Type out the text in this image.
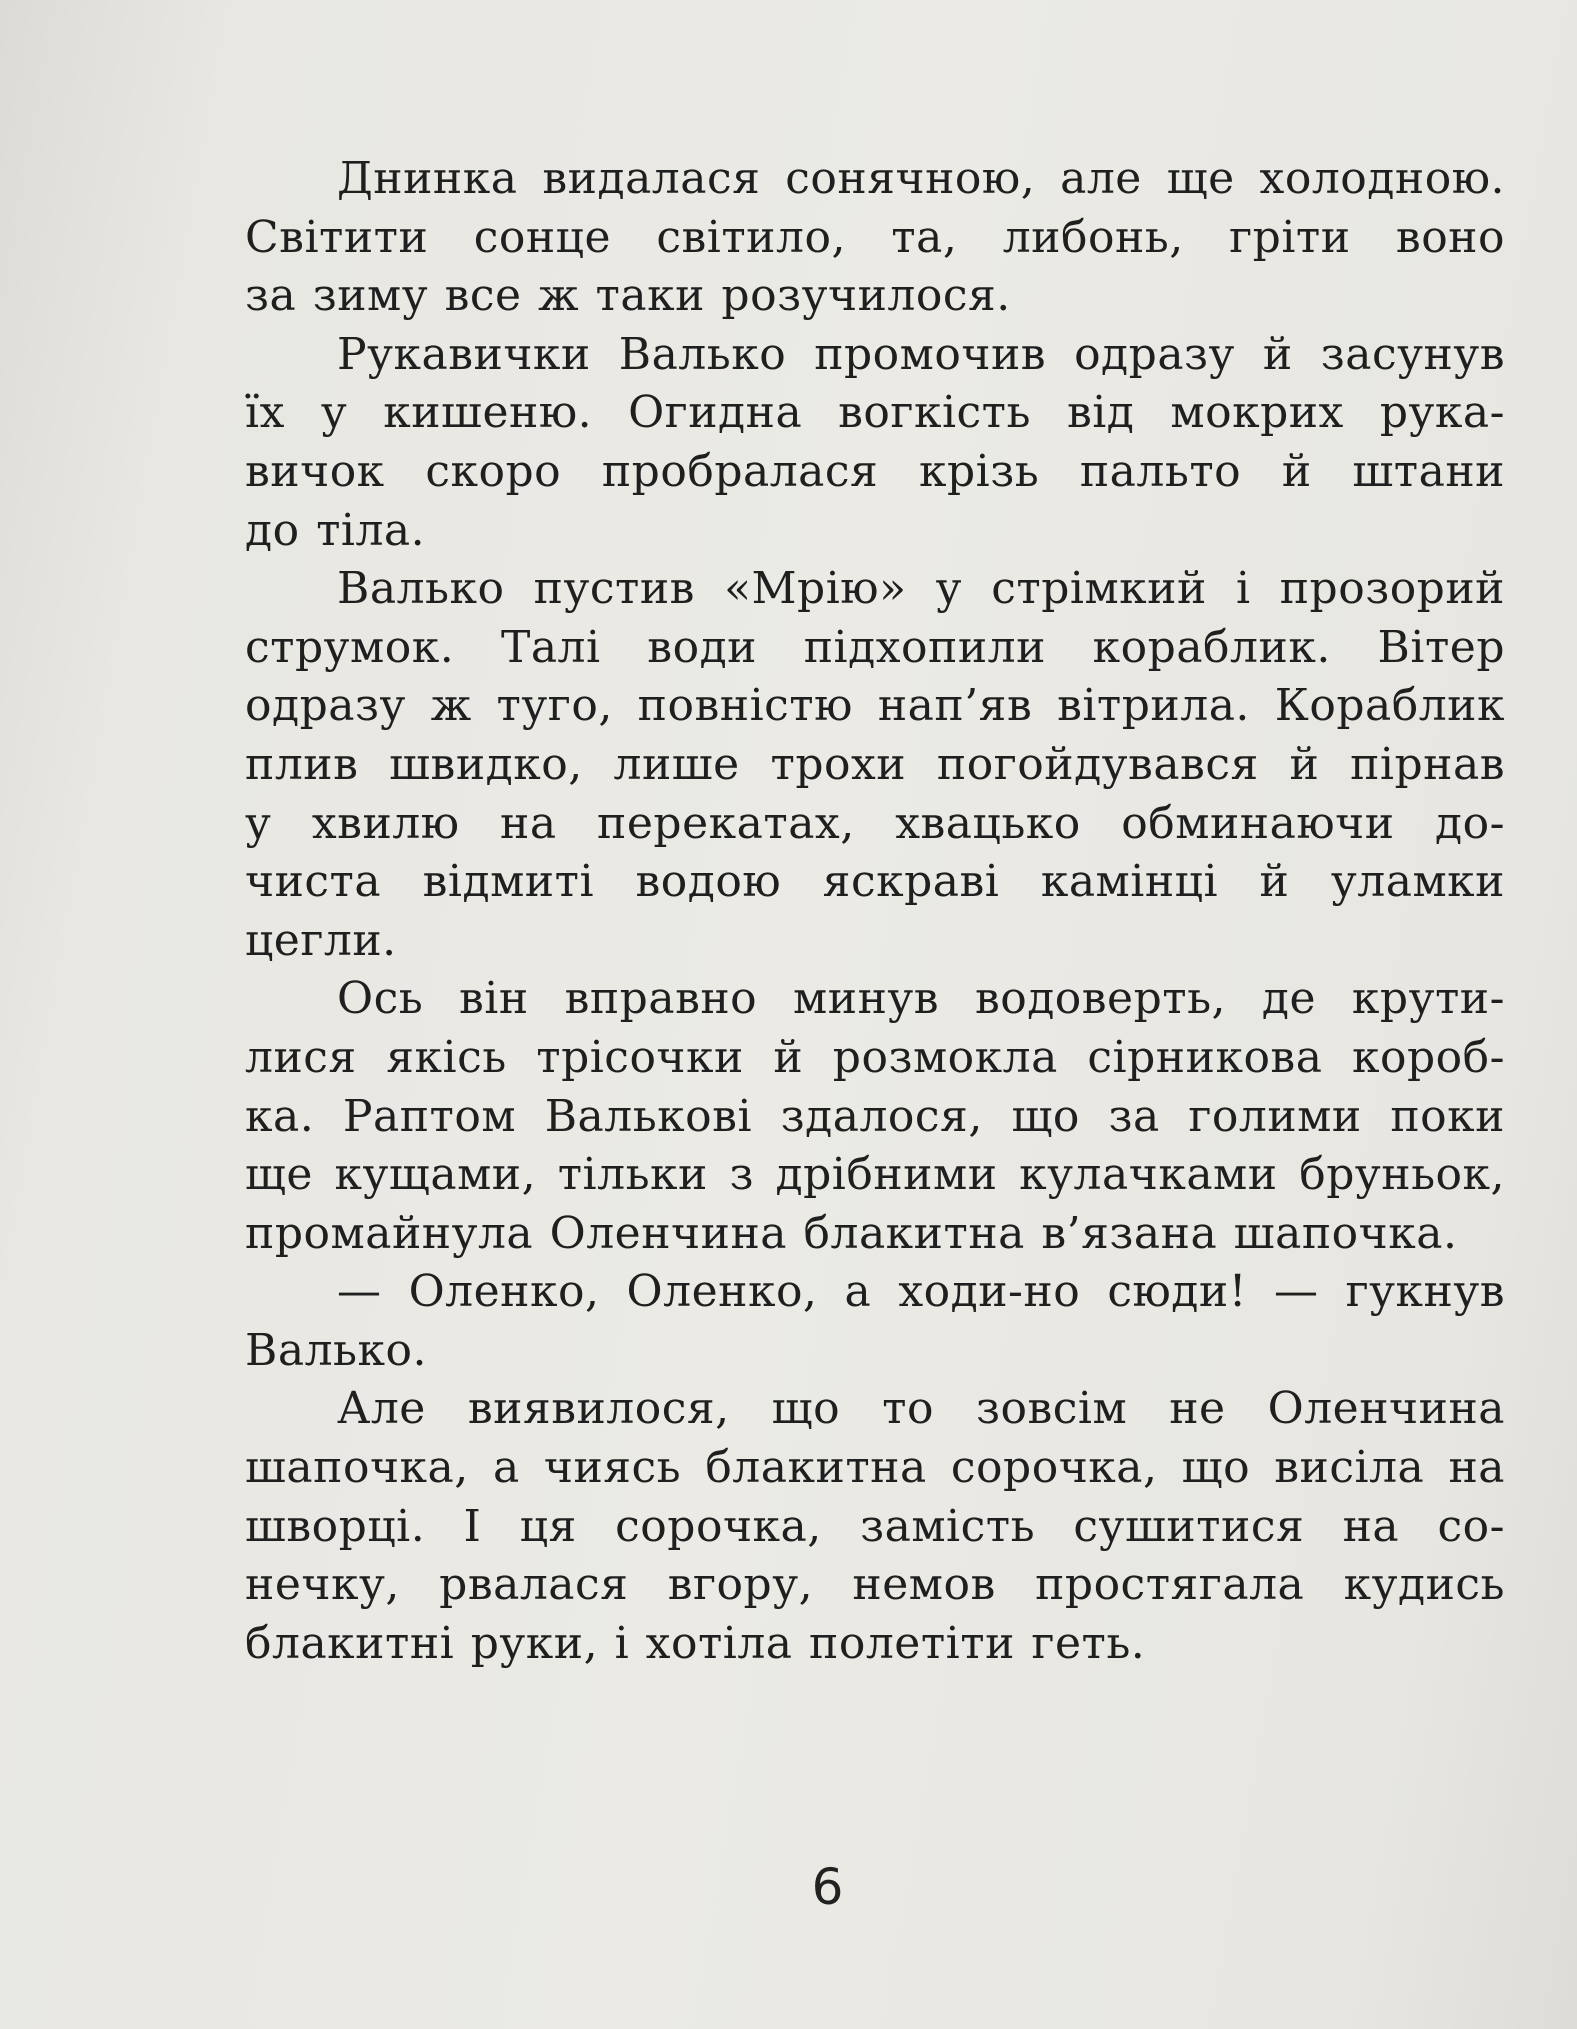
Днинка видалася сонячною, але ще холодною.
Світити сонце світило, та, либонь, гріти воно
за зиму все ж таки розучилося.

Рукавички Валько промочив одразу й засунув
їх у кишеню. Огидна вогкість від мокрих рука-
вичок скоро пробралася крізь пальто й штани
до тіла.

Валько пустив «Мрію» у стрімкий і прозорий
струмок. Талі води підхопили кораблик. Вітер
одразу ж туго, повністю нап’яв вітрила. Кораблик
плив швидко, лише трохи погойдувався й пірнав
у хвилю на перекатах, хвацько обминаючи до-
чиста відмиті водою яскраві камінці й уламки
цегли.

Ось він вправно минув водоверть, де крути-
лися якісь трісочки й розмокла сірникова короб-
ка. Раптом Валькові здалося, що за голими поки
ще кущами, тільки з дрібними кулачками бруньок,
промайнула Оленчина блакитна в’язана шапочка.

— Оленко, Оленко, а ходи-но сюди! — гукнув
Валько.

Але виявилося, що то зовсім не Оленчина
шапочка, а чиясь блакитна сорочка, що висіла на
шворці. І ця сорочка, замість сушитися на со-
нечку, рвалася вгору, немов простягала кудись
блакитні руки, і хотіла полетіти геть.

6
